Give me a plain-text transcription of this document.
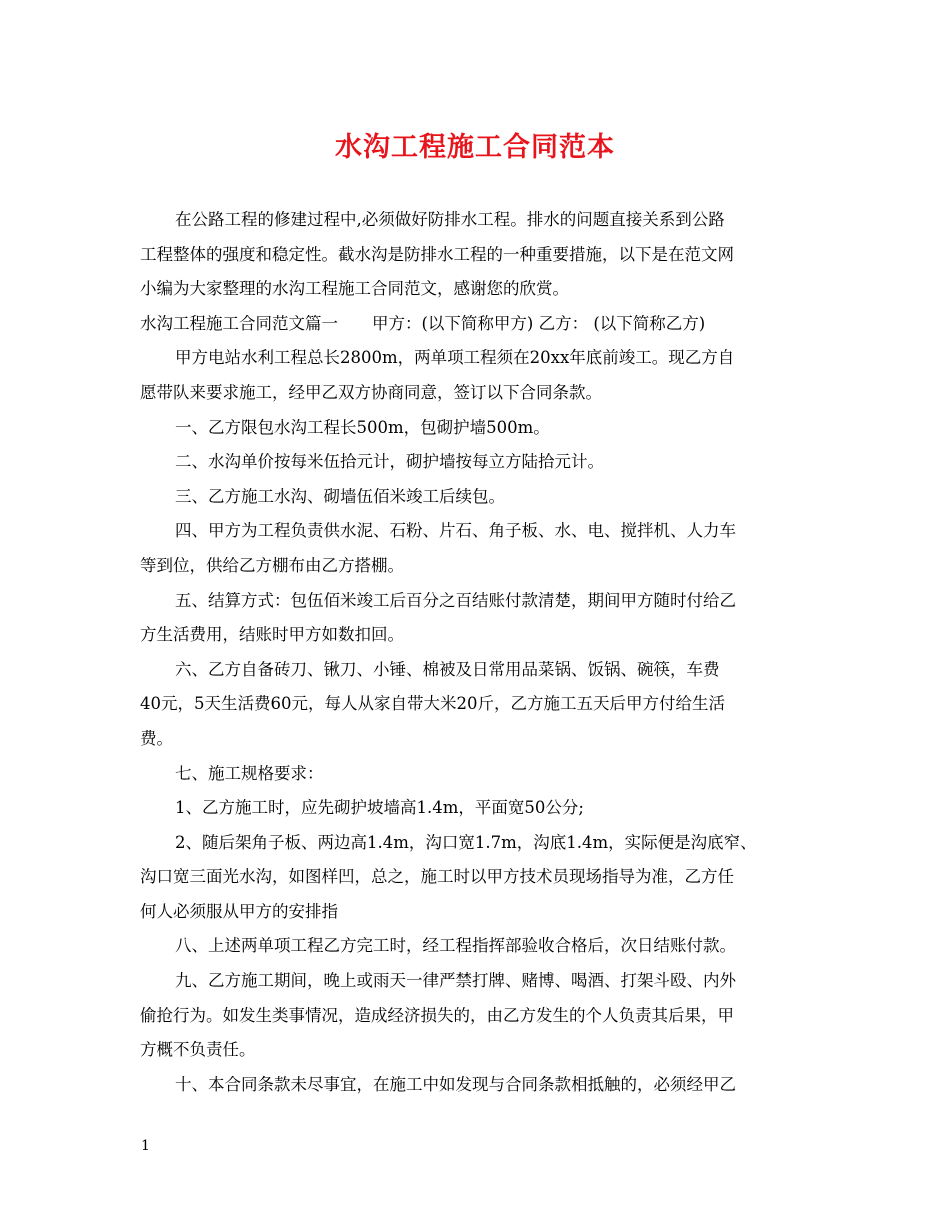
水沟工程施工合同范本
在公路工程的修建过程中,必须做好防排水工程。排水的问题直接关系到公路
工程整体的强度和稳定性。截水沟是防排水工程的一种重要措施，以下是在范文网
小编为大家整理的水沟工程施工合同范文，感谢您的欣赏。
水沟工程施工合同范文篇一 甲方：(以下简称甲方) 乙方： (以下简称乙方)
甲方电站水利工程总长2800m，两单项工程须在20xx年底前竣工。现乙方自
愿带队来要求施工，经甲乙双方协商同意，签订以下合同条款。
一、乙方限包水沟工程长500m，包砌护墙500m。
二、水沟单价按每米伍拾元计，砌护墙按每立方陆拾元计。
三、乙方施工水沟、砌墙伍佰米竣工后续包。
四、甲方为工程负责供水泥、石粉、片石、角子板、水、电、搅拌机、人力车
等到位，供给乙方棚布由乙方搭棚。
五、结算方式：包伍佰米竣工后百分之百结账付款清楚，期间甲方随时付给乙
方生活费用，结账时甲方如数扣回。
六、乙方自备砖刀、锹刀、小锤、棉被及日常用品菜锅、饭锅、碗筷，车费
40元，5天生活费60元，每人从家自带大米20斤，乙方施工五天后甲方付给生活
费。
七、施工规格要求：
1、乙方施工时，应先砌护坡墙高1.4m，平面宽50公分;
2、随后架角子板、两边高1.4m，沟口宽1.7m，沟底1.4m，实际便是沟底窄、
沟口宽三面光水沟，如图样凹，总之，施工时以甲方技术员现场指导为准，乙方任
何人必须服从甲方的安排指
八、上述两单项工程乙方完工时，经工程指挥部验收合格后，次日结账付款。
九、乙方施工期间，晚上或雨天一律严禁打牌、赌博、喝酒、打架斗殴、内外
偷抢行为。如发生类事情况，造成经济损失的，由乙方发生的个人负责其后果，甲
方概不负责任。
十、本合同条款未尽事宜，在施工中如发现与合同条款相抵触的，必须经甲乙
1
